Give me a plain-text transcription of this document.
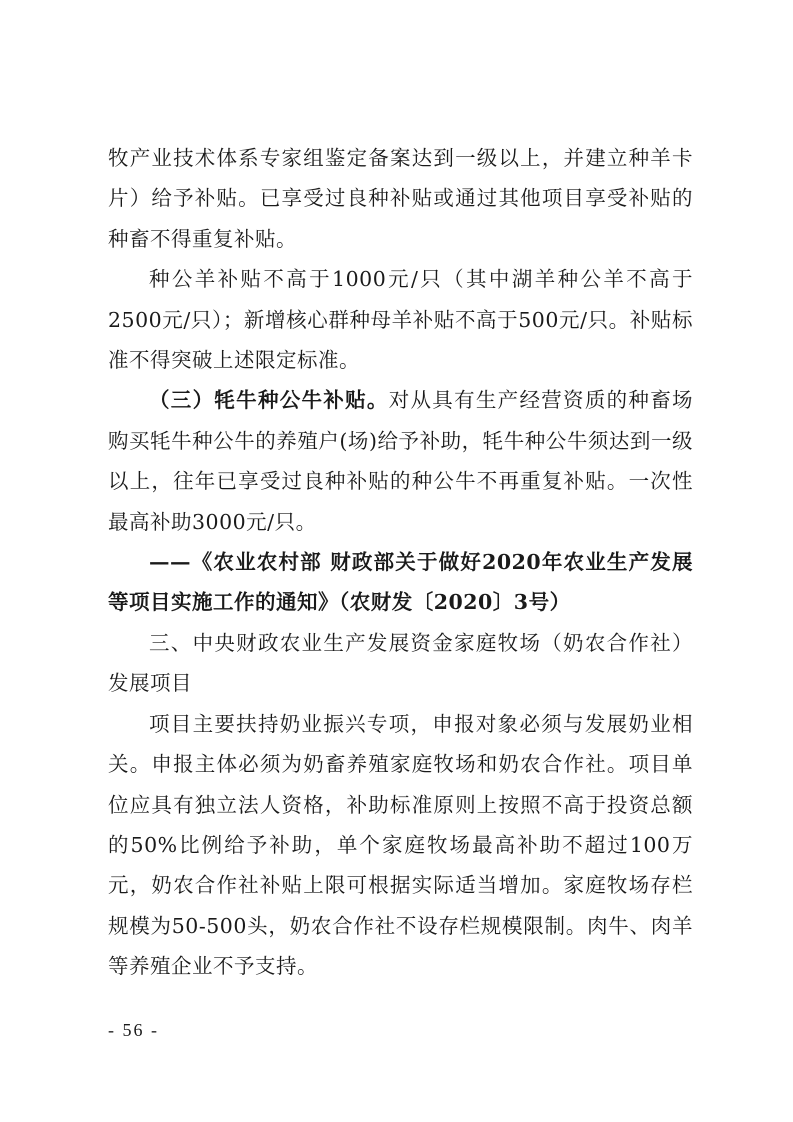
牧产业技术体系专家组鉴定备案达到一级以上，并建立种羊卡片）给予补贴。已享受过良种补贴或通过其他项目享受补贴的种畜不得重复补贴。

种公羊补贴不高于1000元/只（其中湖羊种公羊不高于2500元/只）；新增核心群种母羊补贴不高于500元/只。补贴标准不得突破上述限定标准。

（三）牦牛种公牛补贴。对从具有生产经营资质的种畜场购买牦牛种公牛的养殖户(场)给予补助，牦牛种公牛须达到一级以上，往年已享受过良种补贴的种公牛不再重复补贴。一次性最高补助3000元/只。

——《农业农村部 财政部关于做好2020年农业生产发展等项目实施工作的通知》（农财发〔2020〕3号）

三、中央财政农业生产发展资金家庭牧场（奶农合作社）发展项目

项目主要扶持奶业振兴专项，申报对象必须与发展奶业相关。申报主体必须为奶畜养殖家庭牧场和奶农合作社。项目单位应具有独立法人资格，补助标准原则上按照不高于投资总额的50%比例给予补助，单个家庭牧场最高补助不超过100万元，奶农合作社补贴上限可根据实际适当增加。家庭牧场存栏规模为50-500头，奶农合作社不设存栏规模限制。肉牛、肉羊等养殖企业不予支持。

- 56 -
